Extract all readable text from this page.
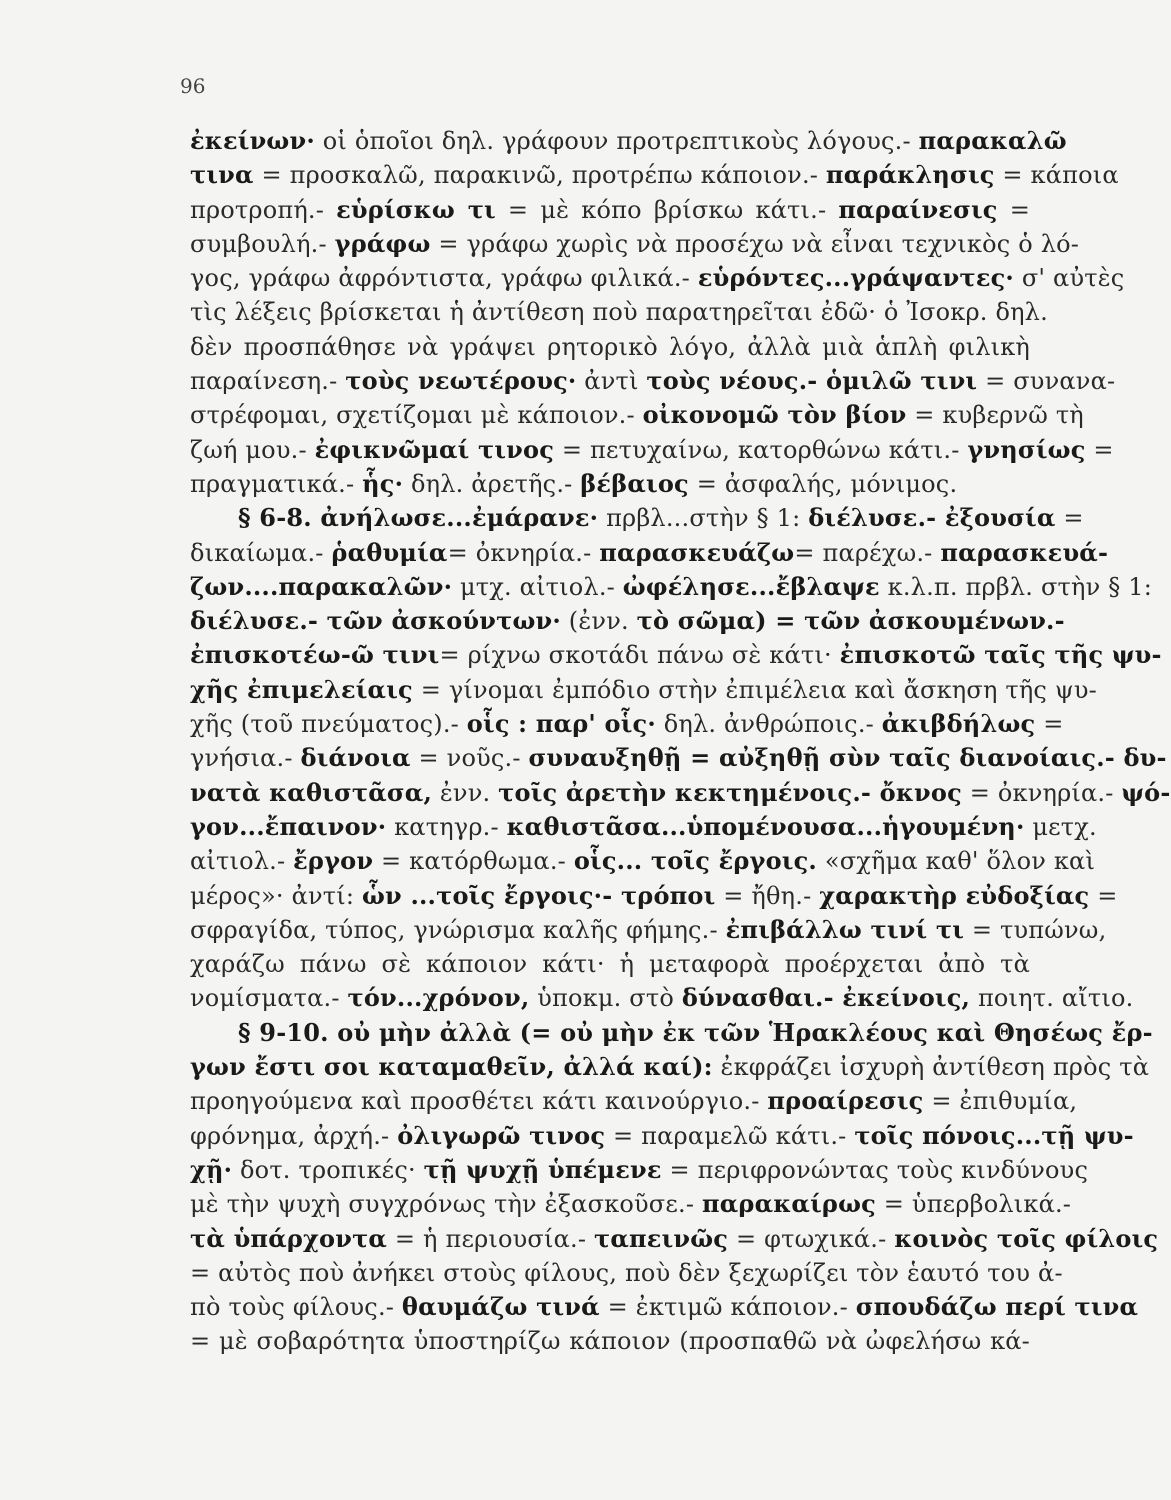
96
ἐκείνων· οἱ ὁποῖοι δηλ. γράφουν προτρεπτικοὺς λόγους.- παρακαλῶ
τινα = προσκαλῶ, παρακινῶ, προτρέπω κάποιον.- παράκλησις = κάποια
προτροπή.- εὑρίσκω τι = μὲ κόπο βρίσκω κάτι.- παραίνεσις =
συμβουλή.- γράφω = γράφω χωρὶς νὰ προσέχω νὰ εἶναι τεχνικὸς ὁ λό-
γος, γράφω ἀφρόντιστα, γράφω φιλικά.- εὑρόντες...γράψαντες· σ' αὐτὲς
τὶς λέξεις βρίσκεται ἡ ἀντίθεση ποὺ παρατηρεῖται ἐδῶ· ὁ Ἰσοκρ. δηλ.
δὲν προσπάθησε νὰ γράψει ρητορικὸ λόγο, ἀλλὰ μιὰ ἁπλὴ φιλικὴ
παραίνεση.- τοὺς νεωτέρους· ἀντὶ τοὺς νέους.- ὁμιλῶ τινι = συνανα-
στρέφομαι, σχετίζομαι μὲ κάποιον.- οἰκονομῶ τὸν βίον = κυβερνῶ τὴ
ζωή μου.- ἐφικνῶμαί τινος = πετυχαίνω, κατορθώνω κάτι.- γνησίως =
πραγματικά.- ἧς· δηλ. ἀρετῆς.- βέβαιος = ἀσφαλής, μόνιμος.
§ 6-8. ἀνήλωσε...ἐμάρανε· πρβλ...στὴν § 1: διέλυσε.- ἐξουσία =
δικαίωμα.- ῥαθυμία= ὀκνηρία.- παρασκευάζω= παρέχω.- παρασκευά-
ζων....παρακαλῶν· μτχ. αἰτιολ.- ὠφέλησε...ἔβλαψε κ.λ.π. πρβλ. στὴν § 1:
διέλυσε.- τῶν ἀσκούντων· (ἐνν. τὸ σῶμα) = τῶν ἀσκουμένων.-
ἐπισκοτέω-ῶ τινι= ρίχνω σκοτάδι πάνω σὲ κάτι· ἐπισκοτῶ ταῖς τῆς ψυ-
χῆς ἐπιμελείαις = γίνομαι ἐμπόδιο στὴν ἐπιμέλεια καὶ ἄσκηση τῆς ψυ-
χῆς (τοῦ πνεύματος).- οἷς : παρ' οἷς· δηλ. ἀνθρώποις.- ἀκιβδήλως =
γνήσια.- διάνοια = νοῦς.- συναυξηθῇ = αὐξηθῇ σὺν ταῖς διανοίαις.- δυ-
νατὰ καθιστᾶσα, ἐνν. τοῖς ἀρετὴν κεκτημένοις.- ὄκνος = ὀκνηρία.- ψό-
γον...ἔπαινον· κατηγρ.- καθιστᾶσα...ὑπομένουσα...ἡγουμένη· μετχ.
αἰτιολ.- ἔργον = κατόρθωμα.- οἷς... τοῖς ἔργοις. «σχῆμα καθ' ὅλον καὶ
μέρος»· ἀντί: ὧν ...τοῖς ἔργοις·- τρόποι = ἤθη.- χαρακτὴρ εὐδοξίας =
σφραγίδα, τύπος, γνώρισμα καλῆς φήμης.- ἐπιβάλλω τινί τι = τυπώνω,
χαράζω πάνω σὲ κάποιον κάτι· ἡ μεταφορὰ προέρχεται ἀπὸ τὰ
νομίσματα.- τόν...χρόνον, ὑποκμ. στὸ δύνασθαι.- ἐκείνοις, ποιητ. αἴτιο.
§ 9-10. οὐ μὴν ἀλλὰ (= οὐ μὴν ἐκ τῶν Ἡρακλέους καὶ Θησέως ἔρ-
γων ἔστι σοι καταμαθεῖν, ἀλλά καί): ἐκφράζει ἰσχυρὴ ἀντίθεση πρὸς τὰ
προηγούμενα καὶ προσθέτει κάτι καινούργιο.- προαίρεσις = ἐπιθυμία,
φρόνημα, ἀρχή.- ὀλιγωρῶ τινος = παραμελῶ κάτι.- τοῖς πόνοις...τῇ ψυ-
χῇ· δοτ. τροπικές· τῇ ψυχῇ ὑπέμενε = περιφρονώντας τοὺς κινδύνους
μὲ τὴν ψυχὴ συγχρόνως τὴν ἐξασκοῦσε.- παρακαίρως = ὑπερβολικά.-
τὰ ὑπάρχοντα = ἡ περιουσία.- ταπεινῶς = φτωχικά.- κοινὸς τοῖς φίλοις
= αὐτὸς ποὺ ἀνήκει στοὺς φίλους, ποὺ δὲν ξεχωρίζει τὸν ἑαυτό του ἀ-
πὸ τοὺς φίλους.- θαυμάζω τινά = ἐκτιμῶ κάποιον.- σπουδάζω περί τινα
= μὲ σοβαρότητα ὑποστηρίζω κάποιον (προσπαθῶ νὰ ὠφελήσω κά-
